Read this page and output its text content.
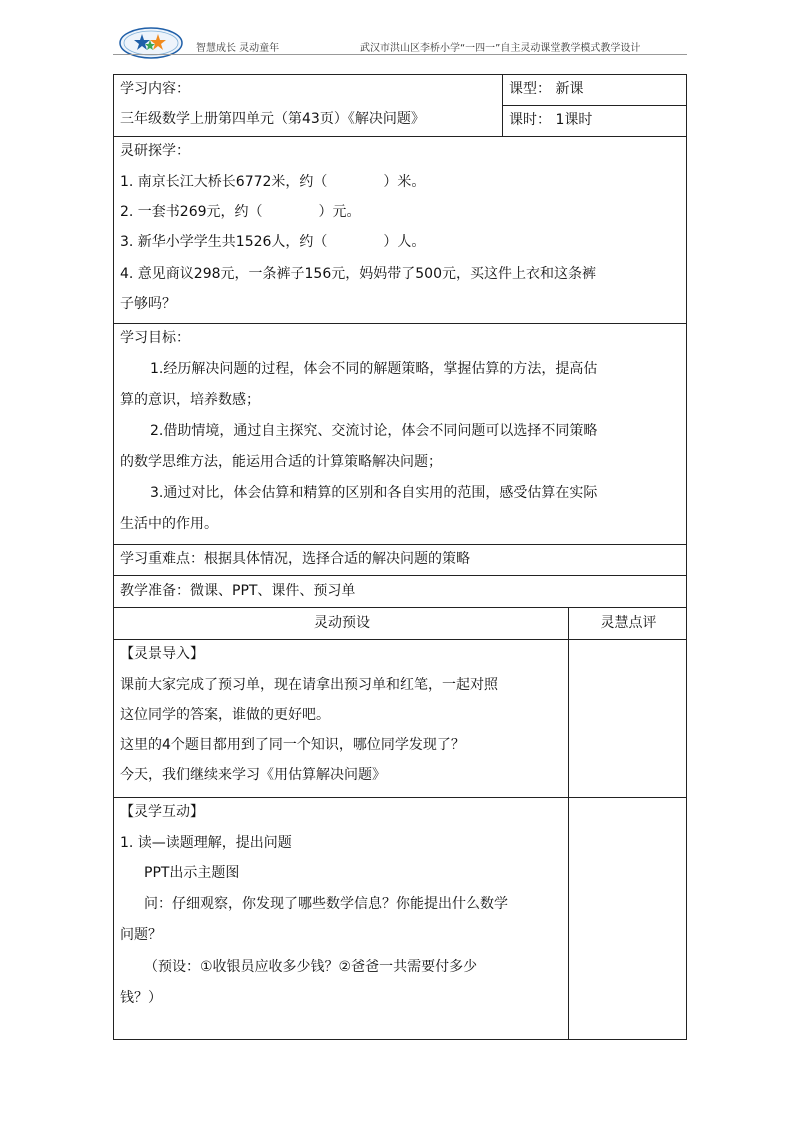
智慧成长 灵动童年	武汉市洪山区李桥小学“一四一”自主灵动课堂教学模式教学设计
学习内容：
三年级数学上册第四单元（第43页）《解决问题》
课型： 新课
课时： 1课时
灵研探学：
1. 南京长江大桥长6772米，约（　　　　）米。
2. 一套书269元，约（　　　　）元。
3. 新华小学学生共1526人，约（　　　　）人。
4. 意见商议298元，一条裤子156元，妈妈带了500元，买这件上衣和这条裤
子够吗？
学习目标：
1.经历解决问题的过程，体会不同的解题策略，掌握估算的方法，提高估
算的意识，培养数感；
2.借助情境，通过自主探究、交流讨论，体会不同问题可以选择不同策略
的数学思维方法，能运用合适的计算策略解决问题；
3.通过对比，体会估算和精算的区别和各自实用的范围，感受估算在实际
生活中的作用。
学习重难点：根据具体情况，选择合适的解决问题的策略
教学准备：微课、PPT、课件、预习单
灵动预设	灵慧点评
【灵景导入】
课前大家完成了预习单，现在请拿出预习单和红笔，一起对照
这位同学的答案，谁做的更好吧。
这里的4个题目都用到了同一个知识，哪位同学发现了？
今天，我们继续来学习《用估算解决问题》
【灵学互动】
1. 读—读题理解，提出问题
PPT出示主题图
问：仔细观察，你发现了哪些数学信息？你能提出什么数学
问题？
（预设：①收银员应收多少钱？②爸爸一共需要付多少
钱？）
